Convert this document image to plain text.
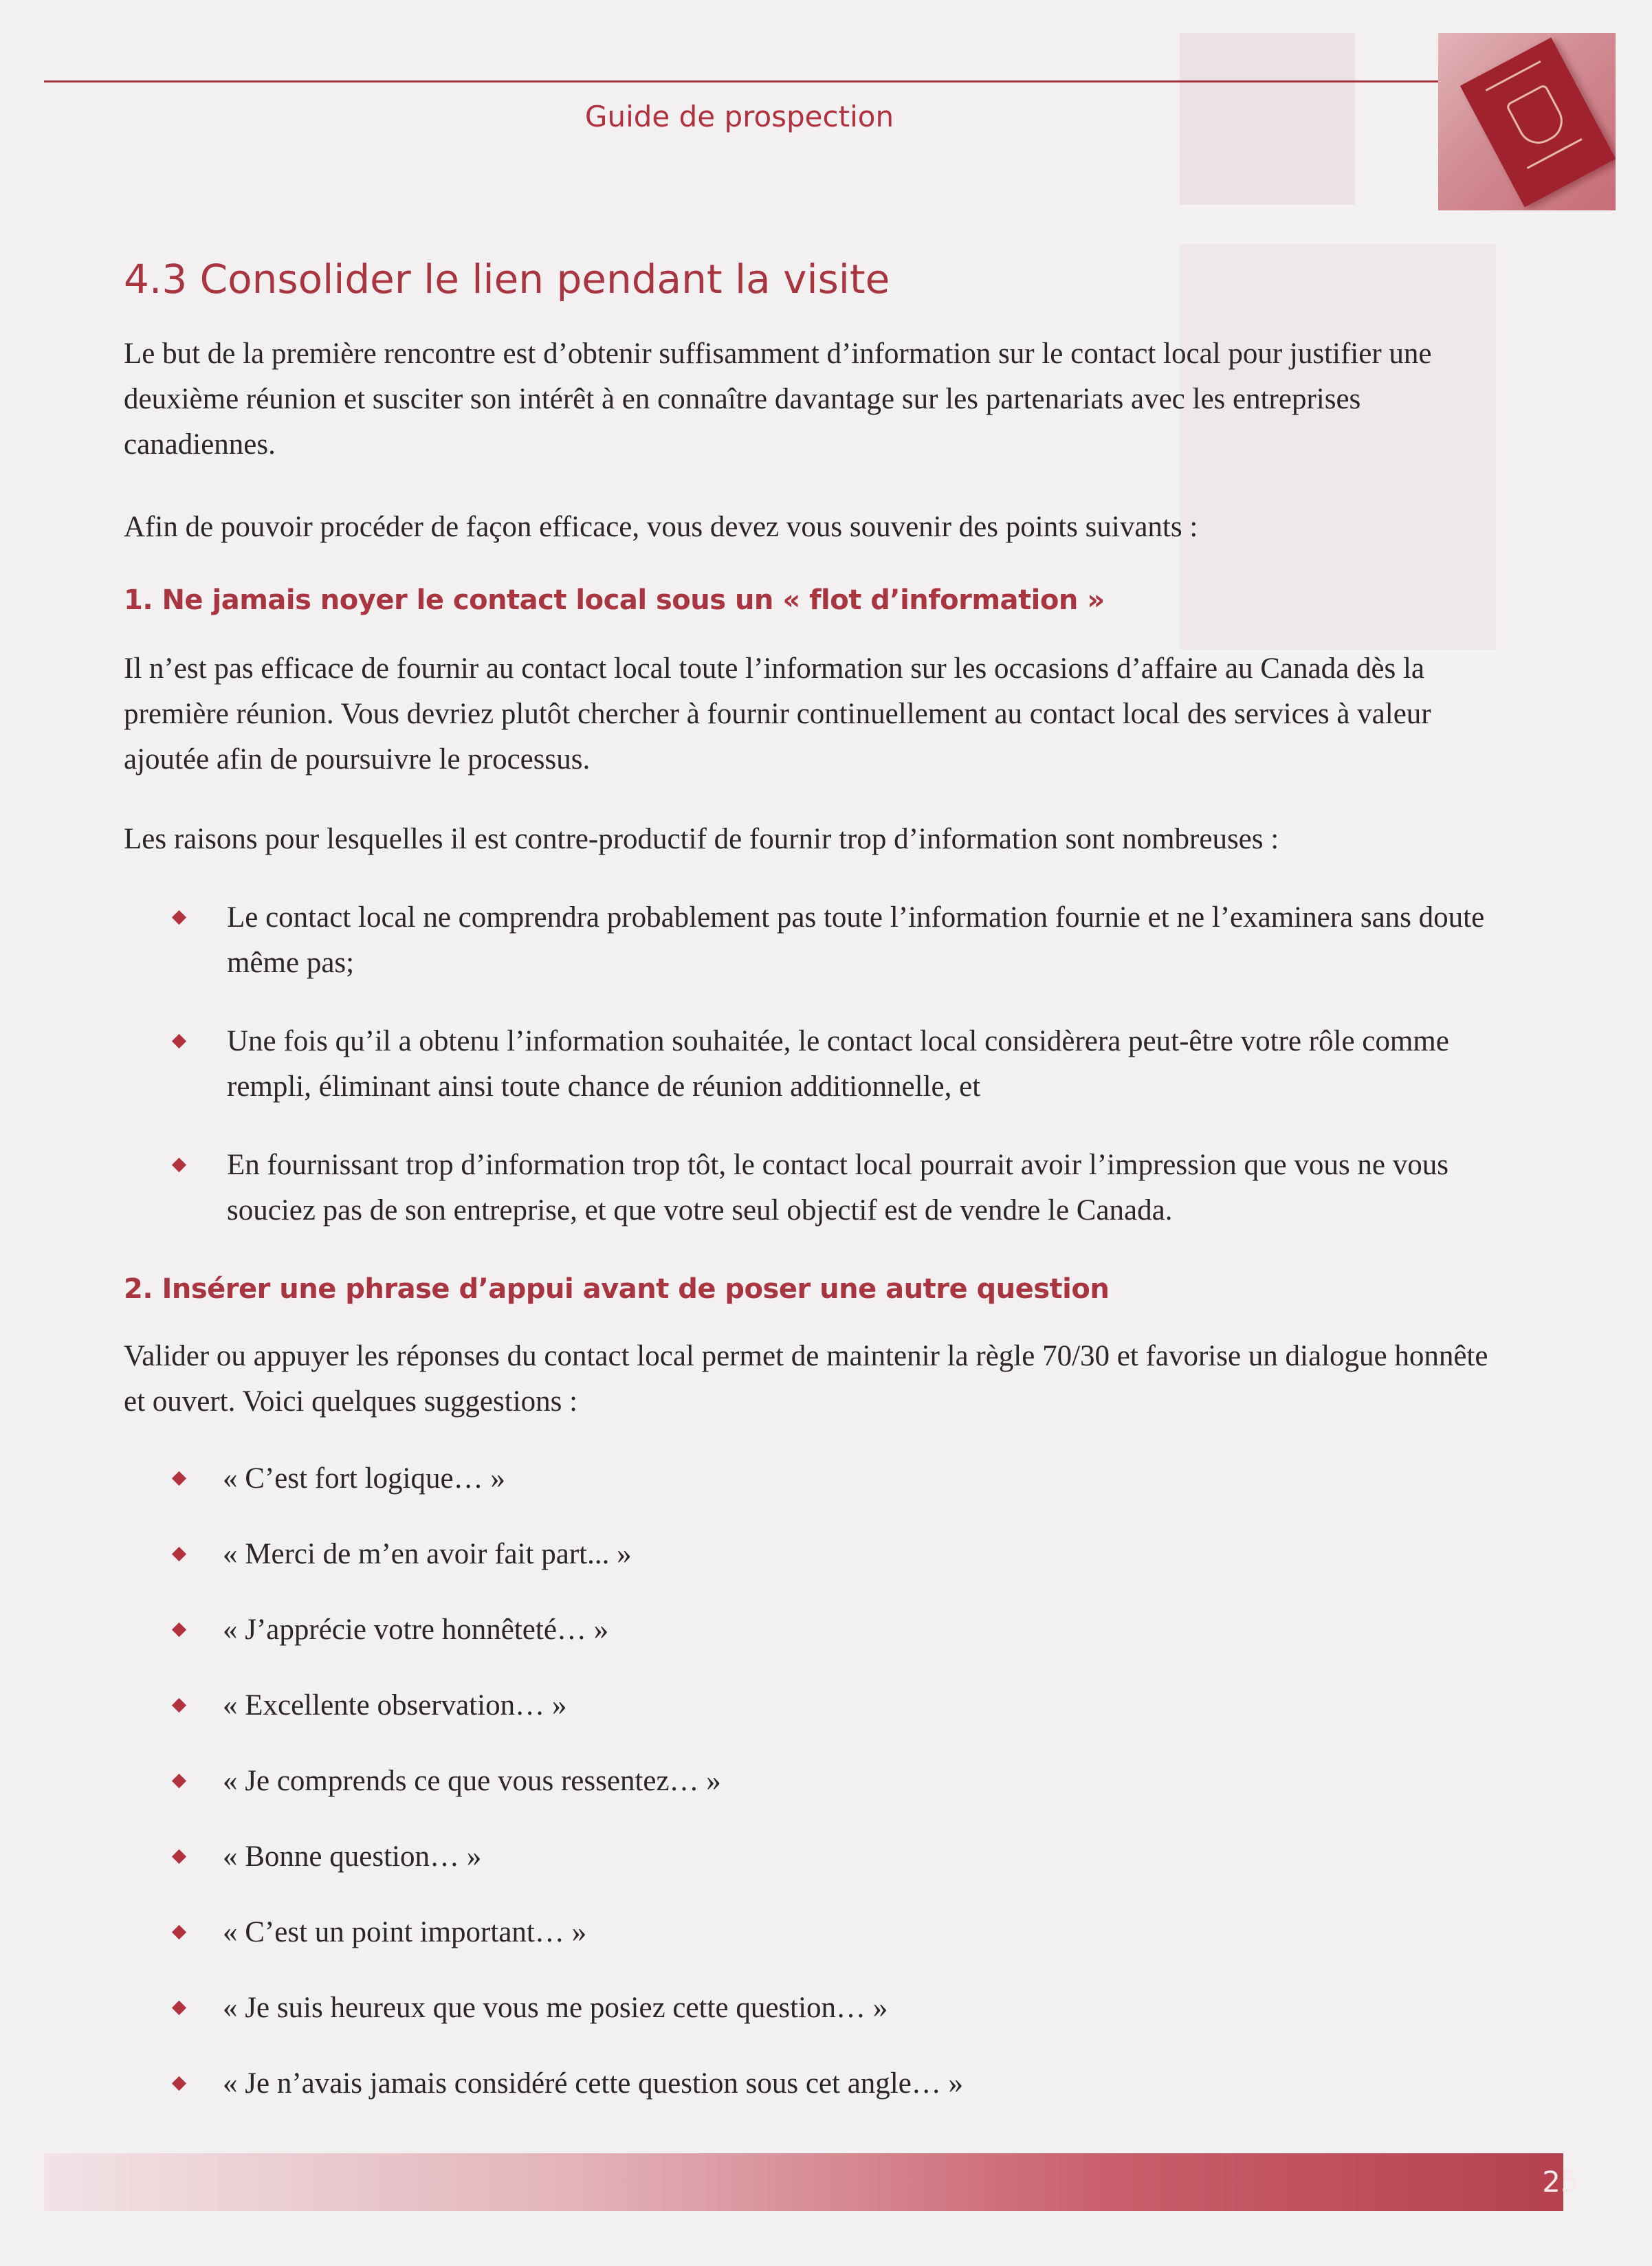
Guide de prospection
4.3 Consolider le lien pendant la visite

Le but de la première rencontre est d’obtenir suffisamment d’information sur le contact local pour justifier une deuxième réunion et susciter son intérêt à en connaître davantage sur les partenariats avec les entreprises canadiennes.

Afin de pouvoir procéder de façon efficace, vous devez vous souvenir des points suivants :

1. Ne jamais noyer le contact local sous un « flot d’information »

Il n’est pas efficace de fournir au contact local toute l’information sur les occasions d’affaire au Canada dès la première réunion. Vous devriez plutôt chercher à fournir continuellement au contact local des services à valeur ajoutée afin de poursuivre le processus.

Les raisons pour lesquelles il est contre-productif de fournir trop d’information sont nombreuses :

Le contact local ne comprendra probablement pas toute l’information fournie et ne l’examinera sans doute même pas;

Une fois qu’il a obtenu l’information souhaitée, le contact local considèrera peut-être votre rôle comme rempli, éliminant ainsi toute chance de réunion additionnelle, et

En fournissant trop d’information trop tôt, le contact local pourrait avoir l’impression que vous ne vous souciez pas de son entreprise, et que votre seul objectif est de vendre le Canada.

2. Insérer une phrase d’appui avant de poser une autre question

Valider ou appuyer les réponses du contact local permet de maintenir la règle 70/30 et favorise un dialogue honnête et ouvert. Voici quelques suggestions :

« C’est fort logique… »

« Merci de m’en avoir fait part... »

« J’apprécie votre honnêteté… »

« Excellente observation… »

« Je comprends ce que vous ressentez… »

« Bonne question… »

« C’est un point important… »

« Je suis heureux que vous me posiez cette question… »

« Je n’avais jamais considéré cette question sous cet angle… »

25
